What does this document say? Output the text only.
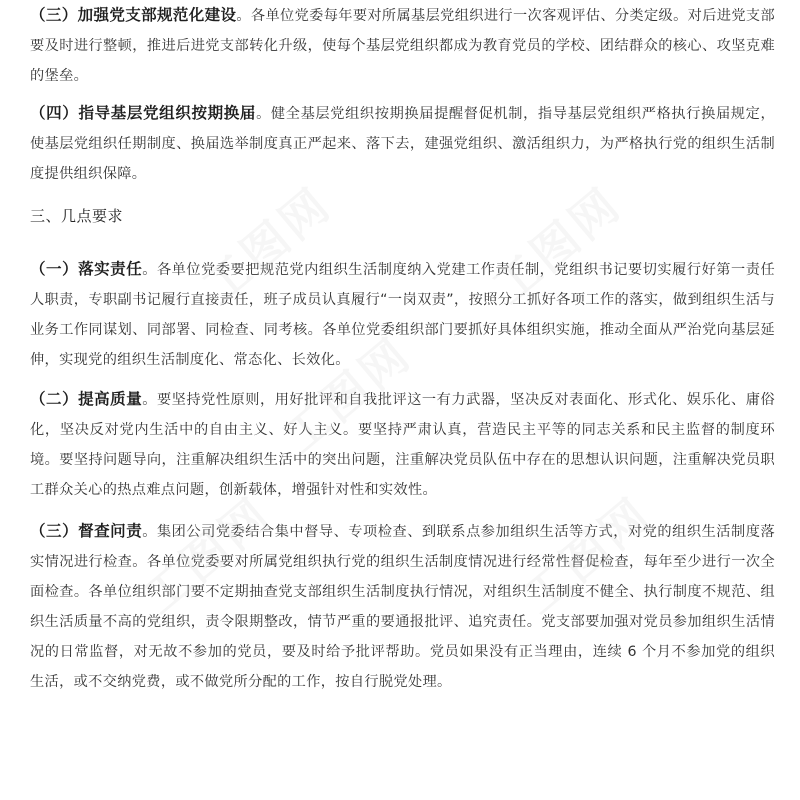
（三）加强党支部规范化建设。各单位党委每年要对所属基层党组织进行一次客观评估、分类定级。对后进党支部要及时进行整顿，推进后进党支部转化升级，使每个基层党组织都成为教育党员的学校、团结群众的核心、攻坚克难的堡垒。

（四）指导基层党组织按期换届。健全基层党组织按期换届提醒督促机制，指导基层党组织严格执行换届规定，使基层党组织任期制度、换届选举制度真正严起来、落下去，建强党组织、激活组织力，为严格执行党的组织生活制度提供组织保障。

三、几点要求

（一）落实责任。各单位党委要把规范党内组织生活制度纳入党建工作责任制，党组织书记要切实履行好第一责任人职责，专职副书记履行直接责任，班子成员认真履行“一岗双责”，按照分工抓好各项工作的落实，做到组织生活与业务工作同谋划、同部署、同检查、同考核。各单位党委组织部门要抓好具体组织实施，推动全面从严治党向基层延伸，实现党的组织生活制度化、常态化、长效化。

（二）提高质量。要坚持党性原则，用好批评和自我批评这一有力武器，坚决反对表面化、形式化、娱乐化、庸俗化，坚决反对党内生活中的自由主义、好人主义。要坚持严肃认真，营造民主平等的同志关系和民主监督的制度环境。要坚持问题导向，注重解决组织生活中的突出问题，注重解决党员队伍中存在的思想认识问题，注重解决党员职工群众关心的热点难点问题，创新载体，增强针对性和实效性。

（三）督查问责。集团公司党委结合集中督导、专项检查、到联系点参加组织生活等方式，对党的组织生活制度落实情况进行检查。各单位党委要对所属党组织执行党的组织生活制度情况进行经常性督促检查，每年至少进行一次全面检查。各单位组织部门要不定期抽查党支部组织生活制度执行情况，对组织生活制度不健全、执行制度不规范、组织生活质量不高的党组织，责令限期整改，情节严重的要通报批评、追究责任。党支部要加强对党员参加组织生活情况的日常监督，对无故不参加的党员，要及时给予批评帮助。党员如果没有正当理由，连续 6 个月不参加党的组织生活，或不交纳党费，或不做党所分配的工作，按自行脱党处理。

工图网	工图网
工图网
工图网
工图网
